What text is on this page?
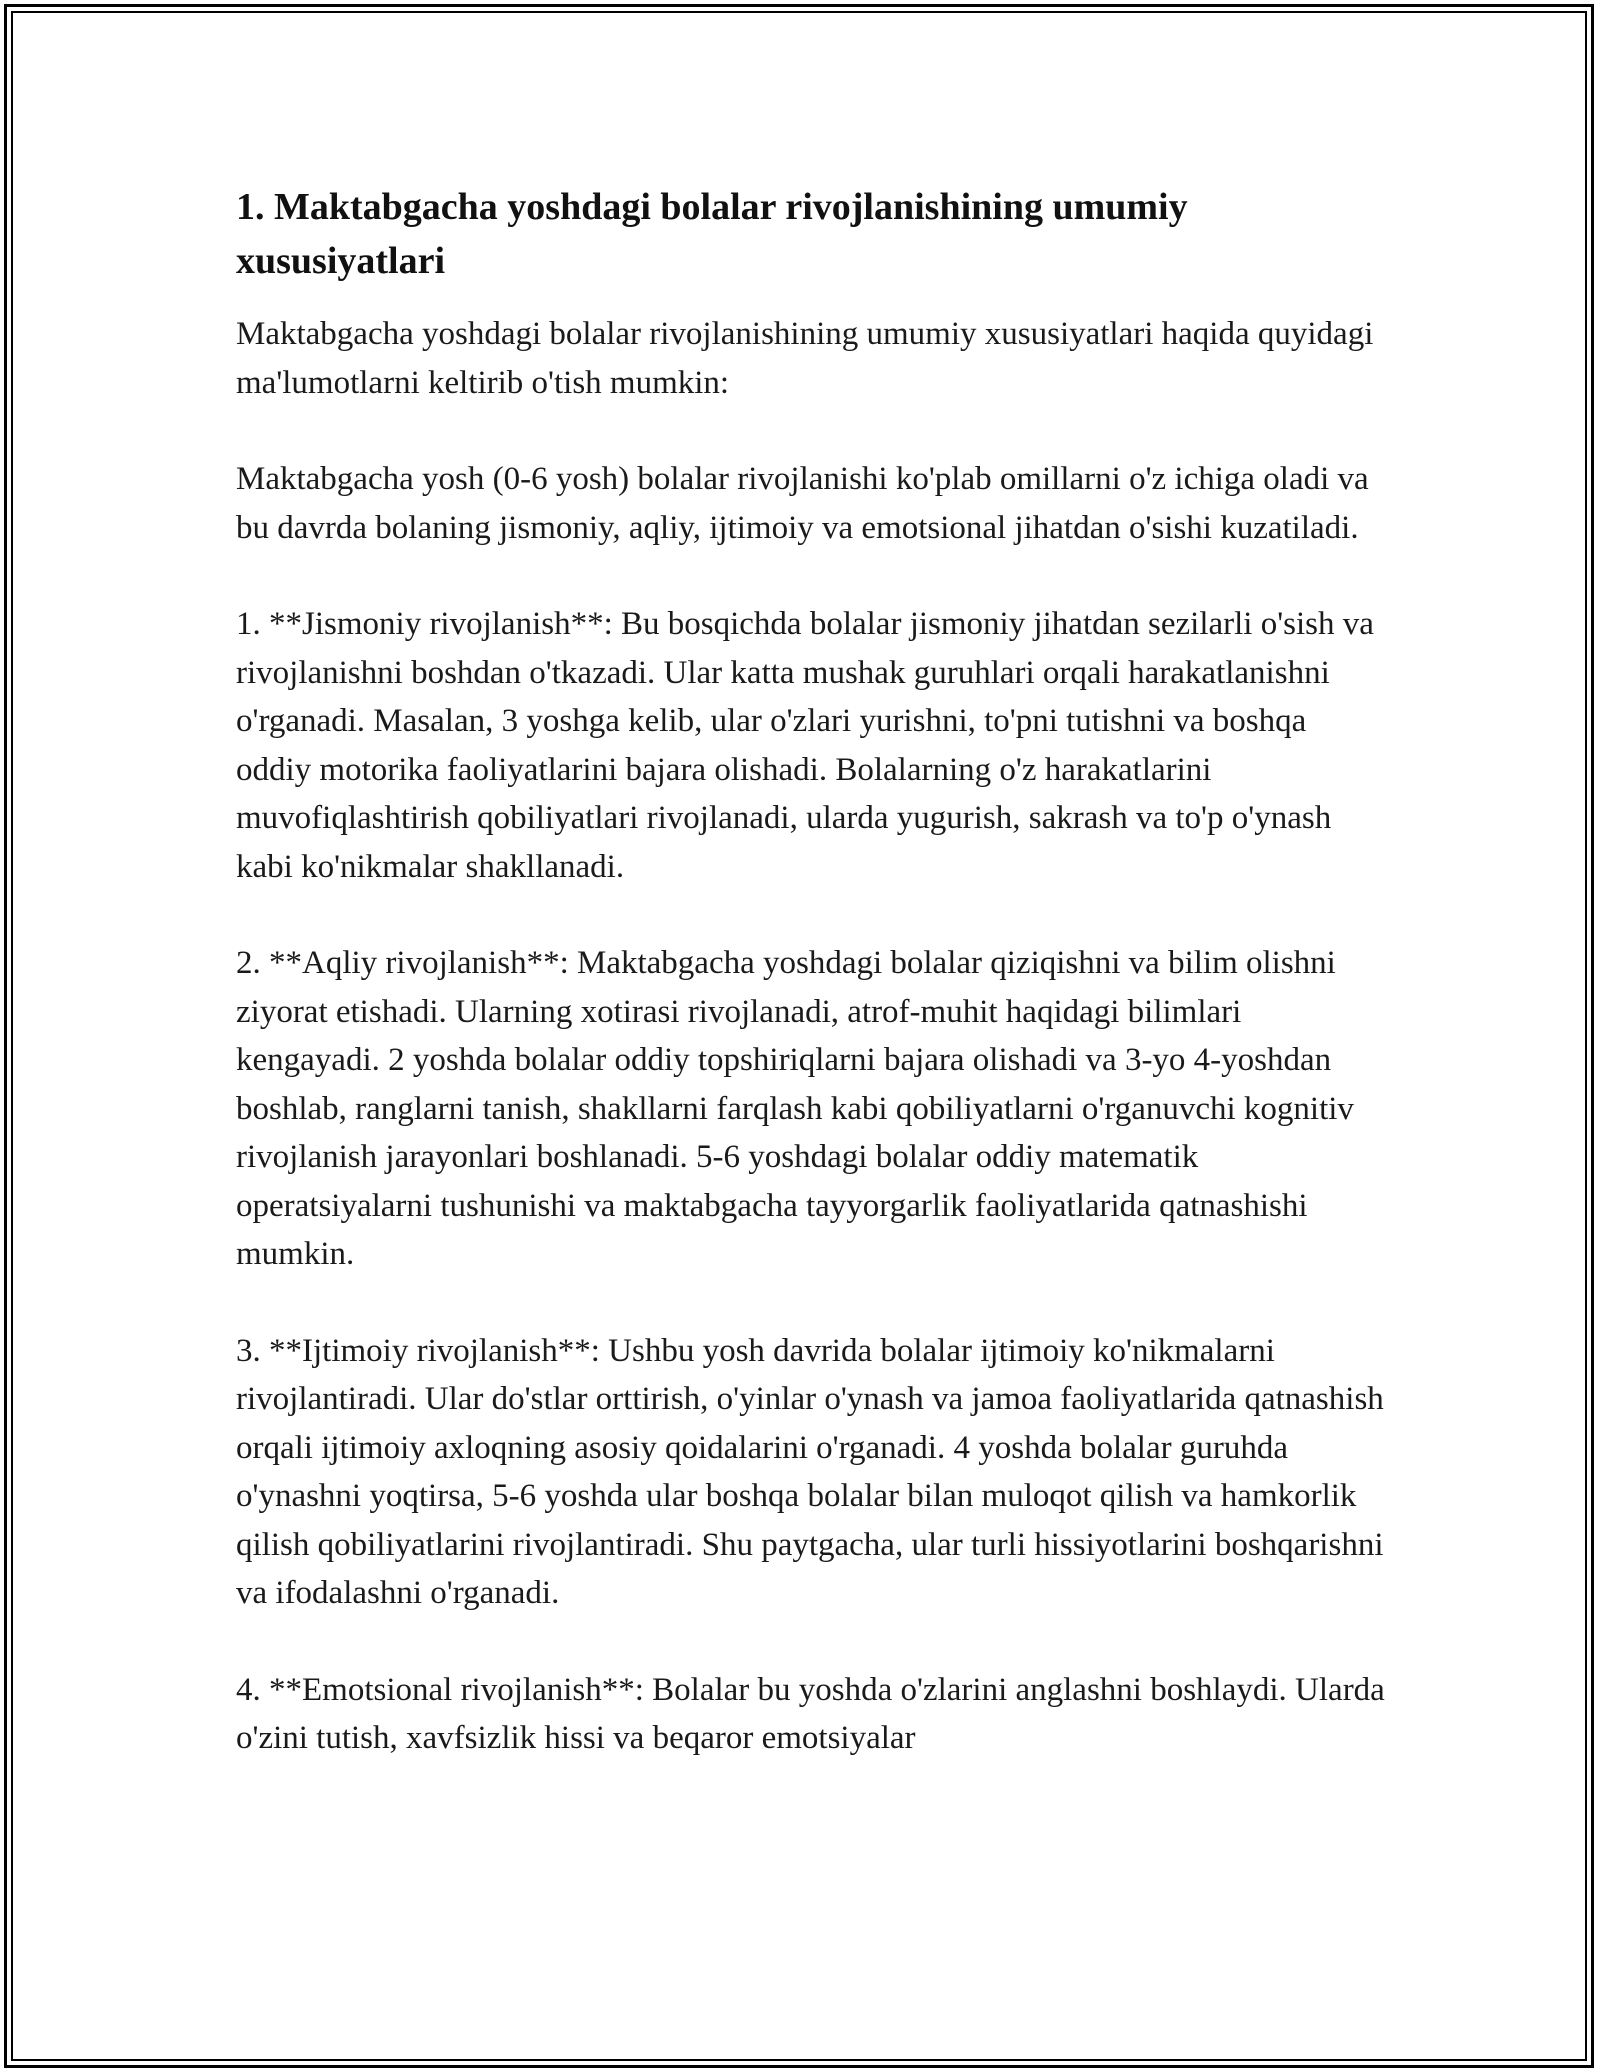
1. Maktabgacha yoshdagi bolalar rivojlanishining umumiy xususiyatlari

Maktabgacha yoshdagi bolalar rivojlanishining umumiy xususiyatlari haqida quyidagi ma'lumotlarni keltirib o'tish mumkin:

Maktabgacha yosh (0-6 yosh) bolalar rivojlanishi ko'plab omillarni o'z ichiga oladi va bu davrda bolaning jismoniy, aqliy, ijtimoiy va emotsional jihatdan o'sishi kuzatiladi.

1. **Jismoniy rivojlanish**: Bu bosqichda bolalar jismoniy jihatdan sezilarli o'sish va rivojlanishni boshdan o'tkazadi. Ular katta mushak guruhlari orqali harakatlanishni o'rganadi. Masalan, 3 yoshga kelib, ular o'zlari yurishni, to'pni tutishni va boshqa oddiy motorika faoliyatlarini bajara olishadi. Bolalarning o'z harakatlarini muvofiqlashtirish qobiliyatlari rivojlanadi, ularda yugurish, sakrash va to'p o'ynash kabi ko'nikmalar shakllanadi.

2. **Aqliy rivojlanish**: Maktabgacha yoshdagi bolalar qiziqishni va bilim olishni ziyorat etishadi. Ularning xotirasi rivojlanadi, atrof-muhit haqidagi bilimlari kengayadi. 2 yoshda bolalar oddiy topshiriqlarni bajara olishadi va 3-yo 4-yoshdan boshlab, ranglarni tanish, shakllarni farqlash kabi qobiliyatlarni o'rganuvchi kognitiv rivojlanish jarayonlari boshlanadi. 5-6 yoshdagi bolalar oddiy matematik operatsiyalarni tushunishi va maktabgacha tayyorgarlik faoliyatlarida qatnashishi mumkin.

3. **Ijtimoiy rivojlanish**: Ushbu yosh davrida bolalar ijtimoiy ko'nikmalarni rivojlantiradi. Ular do'stlar orttirish, o'yinlar o'ynash va jamoa faoliyatlarida qatnashish orqali ijtimoiy axloqning asosiy qoidalarini o'rganadi. 4 yoshda bolalar guruhda o'ynashni yoqtirsa, 5-6 yoshda ular boshqa bolalar bilan muloqot qilish va hamkorlik qilish qobiliyatlarini rivojlantiradi. Shu paytgacha, ular turli hissiyotlarini boshqarishni va ifodalashni o'rganadi.

4. **Emotsional rivojlanish**: Bolalar bu yoshda o'zlarini anglashni boshlaydi. Ularda o'zini tutish, xavfsizlik hissi va beqaror emotsiyalar
